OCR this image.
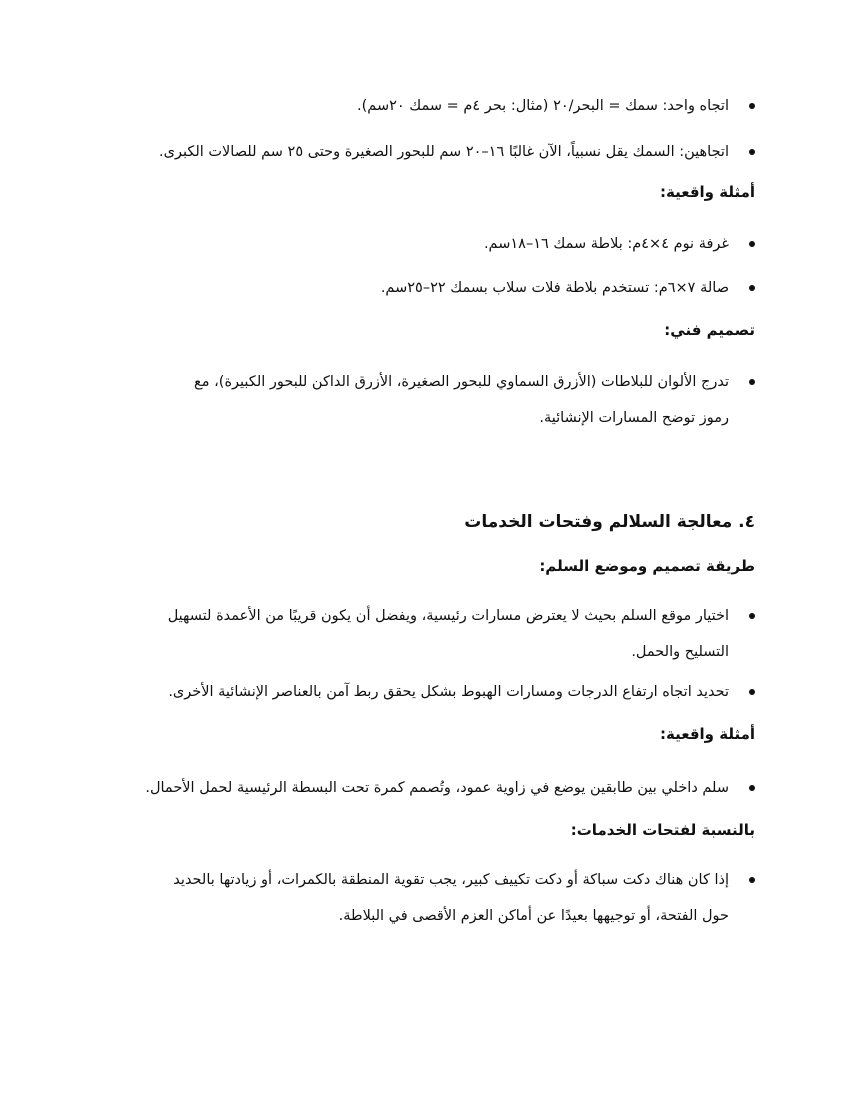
اتجاه واحد: سمك = البحر/٢٠ (مثال: بحر ٤م = سمك ٢٠سم).
اتجاهين: السمك يقل نسبياً، الآن غالبًا ١٦–٢٠ سم للبحور الصغيرة وحتى ٢٥ سم للصالات الكبرى.
أمثلة واقعية:
غرفة نوم ٤×٤م: بلاطة سمك ١٦–١٨سم.
صالة ٧×٦م: تستخدم بلاطة فلات سلاب بسمك ٢٢–٢٥سم.
تصميم فني:
تدرج الألوان للبلاطات (الأزرق السماوي للبحور الصغيرة، الأزرق الداكن للبحور الكبيرة)، مع
رموز توضح المسارات الإنشائية.
٤. معالجة السلالم وفتحات الخدمات
طريقة تصميم وموضع السلم:
اختيار موقع السلم بحيث لا يعترض مسارات رئيسية، ويفضل أن يكون قريبًا من الأعمدة لتسهيل
التسليح والحمل.
تحديد اتجاه ارتفاع الدرجات ومسارات الهبوط بشكل يحقق ربط آمن بالعناصر الإنشائية الأخرى.
أمثلة واقعية:
سلم داخلي بين طابقين يوضع في زاوية عمود، وتُصمم كمرة تحت البسطة الرئيسية لحمل الأحمال.
بالنسبة لفتحات الخدمات:
إذا كان هناك دكت سباكة أو دكت تكييف كبير، يجب تقوية المنطقة بالكمرات، أو زيادتها بالحديد
حول الفتحة، أو توجيهها بعيدًا عن أماكن العزم الأقصى في البلاطة.
